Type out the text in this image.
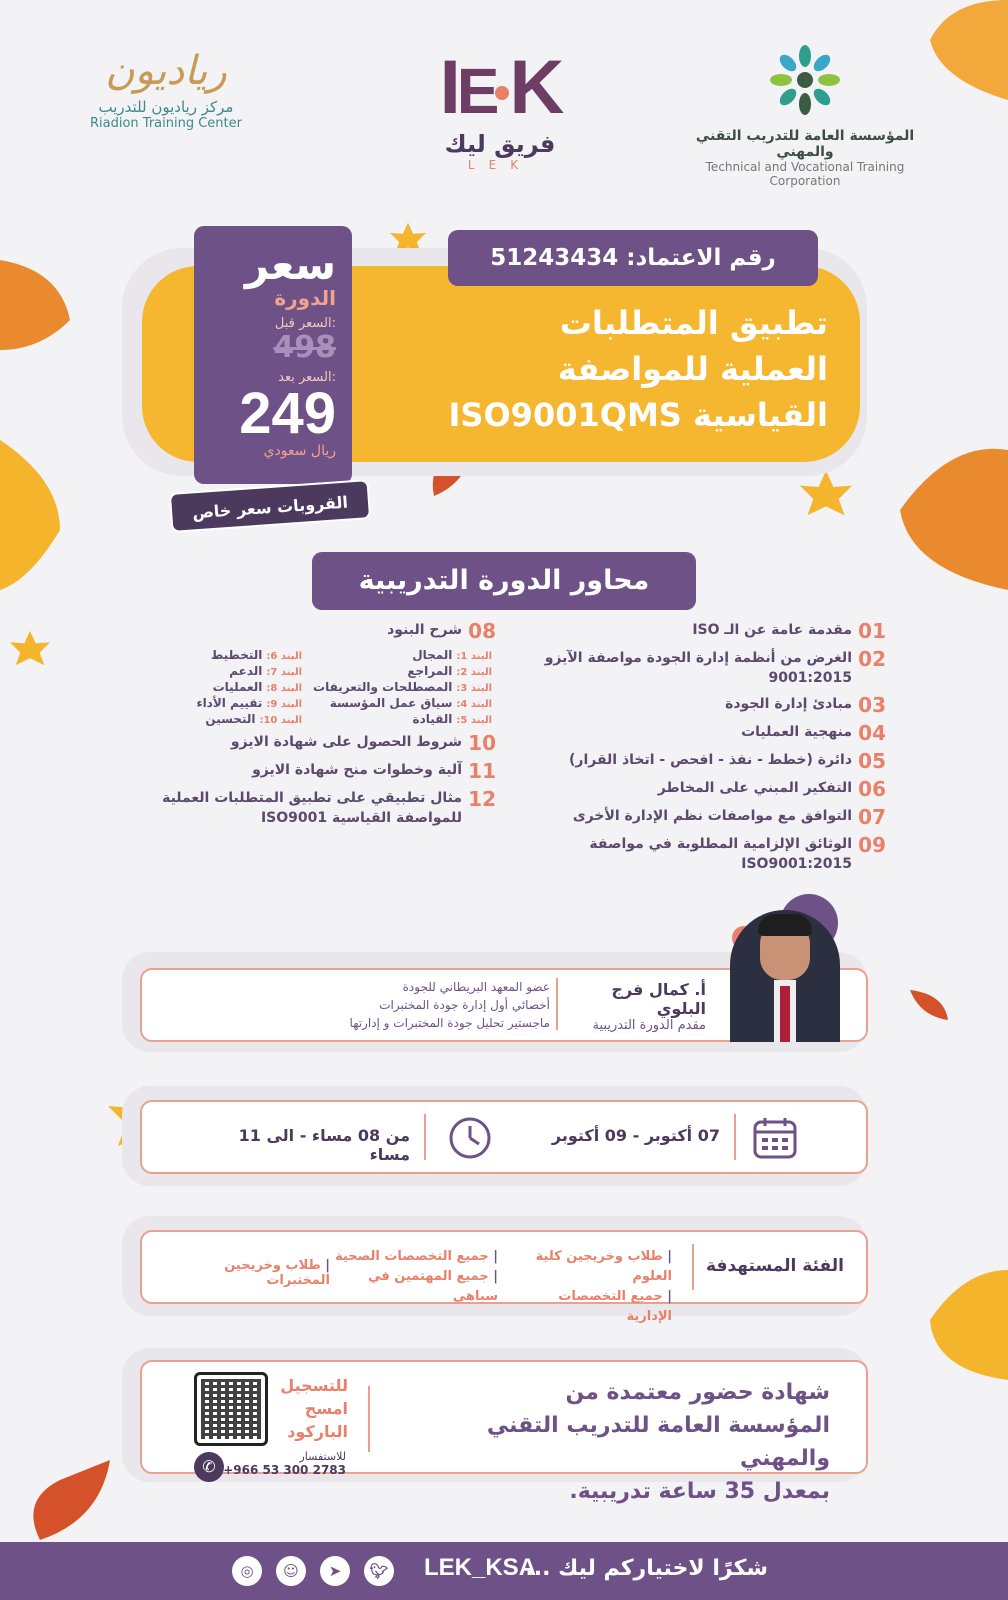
المؤسسة العامة للتدريب التقني والمهني
Technical and Vocational Training Corporation
IE K
فريق ليك
LEK
رياديون
مركز رياديون للتدريب
Riadion Training Center
رقم الاعتماد: 51243434
تطبيق المتطلبات
العملية للمواصفة
القياسية ISO9001QMS
سعر
الدورة
السعر قبل:
498
السعر بعد:
249
ريال سعودي
القروبات سعر خاص
محاور الدورة التدريبية
01
مقدمة عامة عن الـ ISO
02
الغرض من أنظمة إدارة الجودة مواصفة الآيزو 9001:2015
03
مبادئ إدارة الجودة
04
منهجية العمليات
05
دائرة (خطط - نفذ - افحص - اتخاذ القرار)
06
التفكير المبني على المخاطر
07
التوافق مع مواصفات نظم الإدارة الأخرى
09
الوثائق الإلزامية المطلوبة في مواصفة ISO9001:2015
08
شرح البنود
البند 1:المجال
البند 6:التخطيط
البند 2:المراجع
البند 7:الدعم
البند 3:المصطلحات والتعريفات
البند 8:العمليات
البند 4:سياق عمل المؤسسة
البند 9:تقييم الأداء
البند 5:القيادة
البند 10:التحسين
10
شروط الحصول على شهادة الايزو
11
آلية وخطوات منح شهادة الايزو
12
مثال تطبيقي على تطبيق المتطلبات العملية للمواصفة القياسية ISO9001
أ. كمال فرج البلوي
مقدم الدورة التدريبية
عضو المعهد البريطاني للجودة
أخصائي أول إدارة جودة المختبرات
ماجستير تحليل جودة المختبرات و إدارتها
07 أكتوبر - 09 أكتوبر
من 08 مساء - الى 11 مساء
الفئة المستهدفة
| طلاب وخريجين كلية العلوم
| جميع التخصصات الإدارية
| جميع التخصصات الصحية
| جميع المهتمين في سباهي
| طلاب وخريجين المختبرات
شهادة حضور معتمدة من
المؤسسة العامة للتدريب التقني والمهني
بمعدل 35 ساعة تدريبية.
للتسجيل
امسح
الباركود
✆
للاستفسار
+966 53 300 2783
شكرًا لاختياركم ليك ...
LEK_KSA
🐦︎
➤
☺
◎
